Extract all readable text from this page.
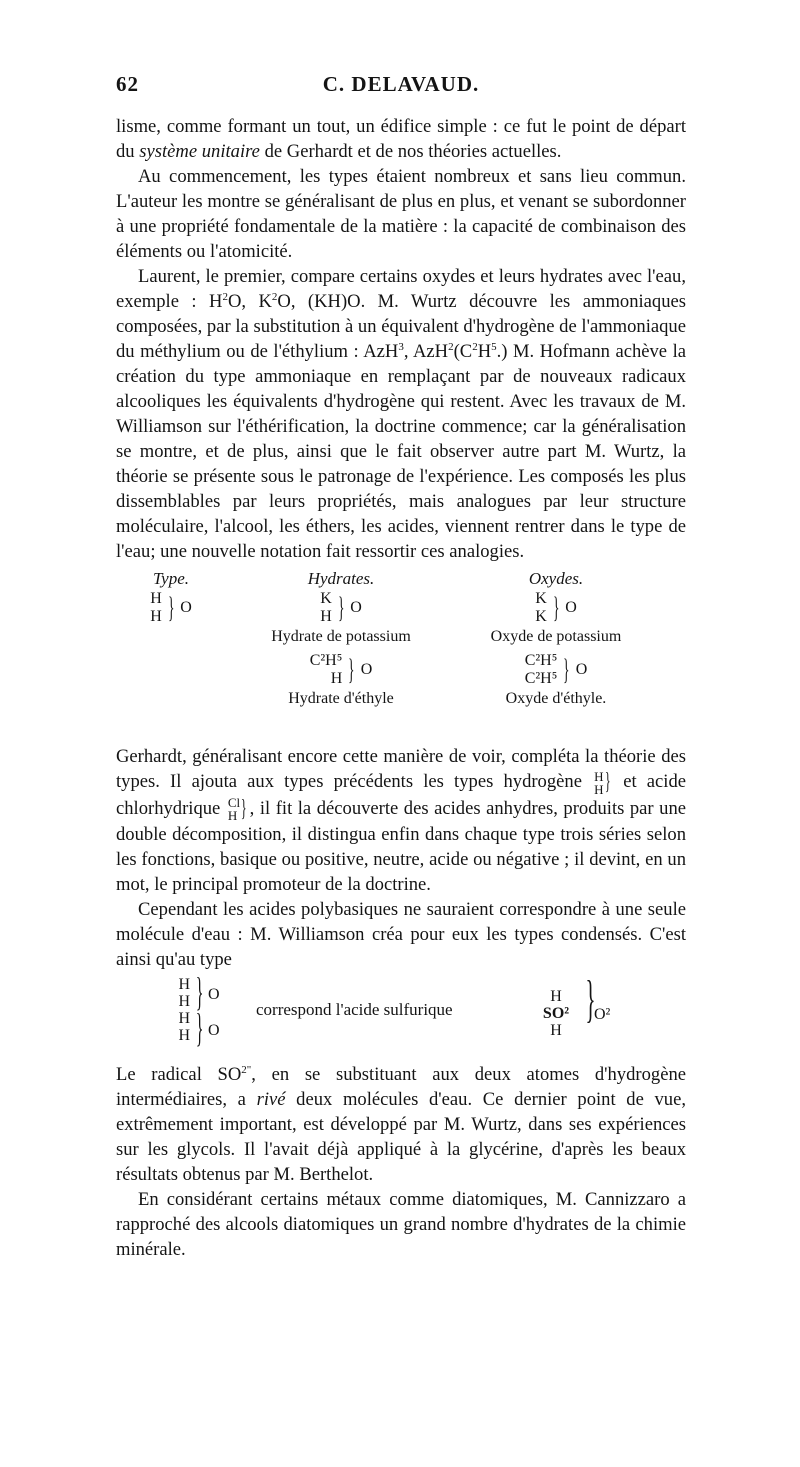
62	C. DELAVAUD.

lisme, comme formant un tout, un édifice simple : ce fut le point de départ du système unitaire de Gerhardt et de nos théories actuelles.

Au commencement, les types étaient nombreux et sans lieu commun. L'auteur les montre se généralisant de plus en plus, et venant se subordonner à une propriété fondamentale de la matière : la capacité de combinaison des éléments ou l'atomicité.

Laurent, le premier, compare certains oxydes et leurs hydrates avec l'eau, exemple : $H^2O$, $K^2O$, (KH)O. M. Wurtz découvre les ammoniaques composées, par la substitution à un équivalent d'hydrogène de l'ammoniaque du méthylium ou de l'éthylium : AzH$^3$, $AzH^2(C^2H^5.)$ M. Hofmann achève la création du type ammoniaque en remplaçant par de nouveaux radicaux alcooliques les équivalents d'hydrogène qui restent. Avec les travaux de M. Williamson sur l'éthérification, la doctrine commence; car la généralisation se montre, et de plus, ainsi que le fait observer autre part M. Wurtz, la théorie se présente sous le patronage de l'expérience. Les composés les plus dissemblables par leurs propriétés, mais analogues par leur structure moléculaire, l'alcool, les éthers, les acides, viennent rentrer dans le type de l'eau; une nouvelle notation fait ressortir ces analogies.

Type.
H
H } O
Hydrates.
K
H } O
Hydrate de potassium
C²H⁵
H } O
Hydrate d'éthyle
Oxydes.
K
K } O
Oxyde de potassium
C²H⁵
C²H⁵ } O
Oxyde d'éthyle.

Gerhardt, généralisant encore cette manière de voir, compléta la théorie des types. Il ajouta aux types précédents les types hydrogène H
H } et acide chlorhydrique Cl
H } , il fit la découverte des acides anhydres, produits par une double décomposition, il distingua enfin dans chaque type trois séries selon les fonctions, basique ou positive, neutre, acide ou négative ; il devint, en un mot, le principal promoteur de la doctrine.

Cependant les acides polybasiques ne sauraient correspondre à une seule molécule d'eau : M. Williamson créa pour eux les types condensés. C'est ainsi qu'au type

H
H
H
H
} O
} O
correspond l'acide sulfurique
H
SO²
H
}
O²

Le radical $SO^{2"}$, en se substituant aux deux atomes d'hydrogène intermédiaires, a rivé deux molécules d'eau. Ce dernier point de vue, extrêmement important, est développé par M. Wurtz, dans ses expériences sur les glycols. Il l'avait déjà appliqué à la glycérine, d'après les beaux résultats obtenus par M. Berthelot.

En considérant certains métaux comme diatomiques, M. Cannizzaro a rapproché des alcools diatomiques un grand nombre d'hydrates de la chimie minérale.
